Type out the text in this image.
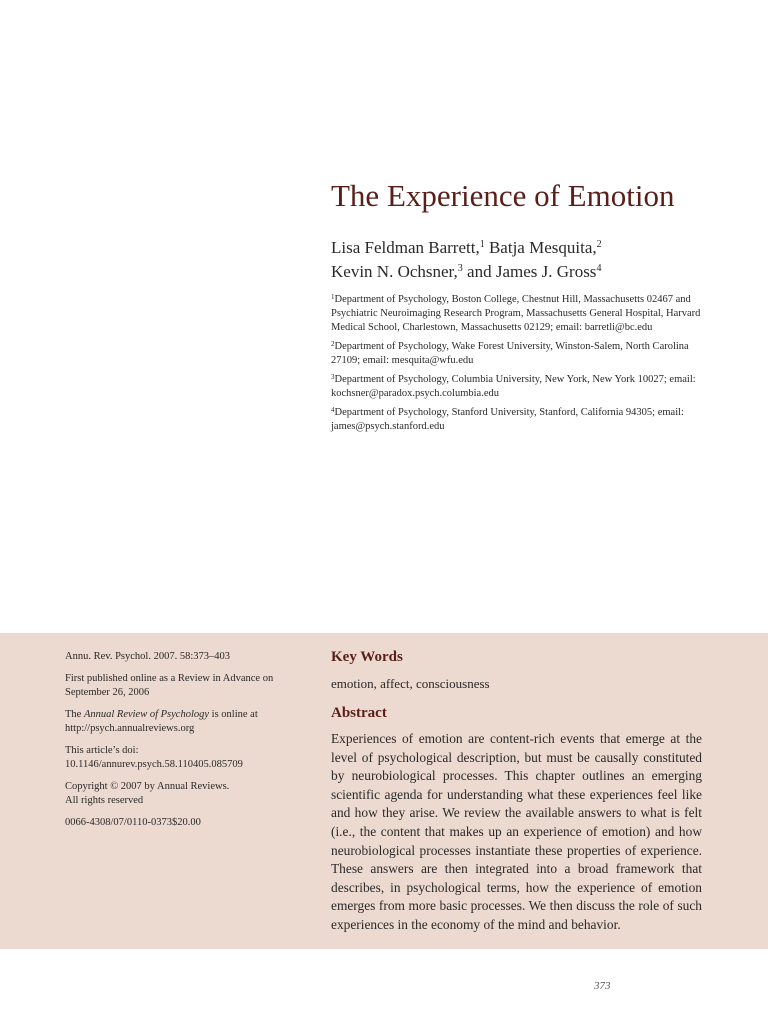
The Experience of Emotion
Lisa Feldman Barrett,$^1$ Batja Mesquita,$^2$
Kevin N. Ochsner,$^3$ and James J. Gross$^4$

$^1$Department of Psychology, Boston College, Chestnut Hill, Massachusetts 02467 and Psychiatric Neuroimaging Research Program, Massachusetts General Hospital, Harvard Medical School, Charlestown, Massachusetts 02129; email: barretli@bc.edu

$^2$Department of Psychology, Wake Forest University, Winston-Salem, North Carolina 27109; email: mesquita@wfu.edu

$^3$Department of Psychology, Columbia University, New York, New York 10027; email: kochsner@paradox.psych.columbia.edu

$^4$Department of Psychology, Stanford University, Stanford, California 94305; email: james@psych.stanford.edu

Annu. Rev. Psychol. 2007. 58:373–403

First published online as a Review in Advance on September 26, 2006

The Annual Review of Psychology is online at http://psych.annualreviews.org

This article’s doi:
10.1146/annurev.psych.58.110405.085709

Copyright © 2007 by Annual Reviews.
All rights reserved

0066-4308/07/0110-0373$20.00

Key Words
emotion, affect, consciousness
Abstract

Experiences of emotion are content-rich events that emerge at the level of psychological description, but must be causally constituted by neurobiological processes. This chapter outlines an emerging scientific agenda for understanding what these experiences feel like and how they arise. We review the available answers to what is felt (i.e., the content that makes up an experience of emotion) and how neurobiological processes instantiate these properties of experience. These answers are then integrated into a broad framework that describes, in psychological terms, how the experience of emotion emerges from more basic processes. We then discuss the role of such experiences in the economy of the mind and behavior.

373
